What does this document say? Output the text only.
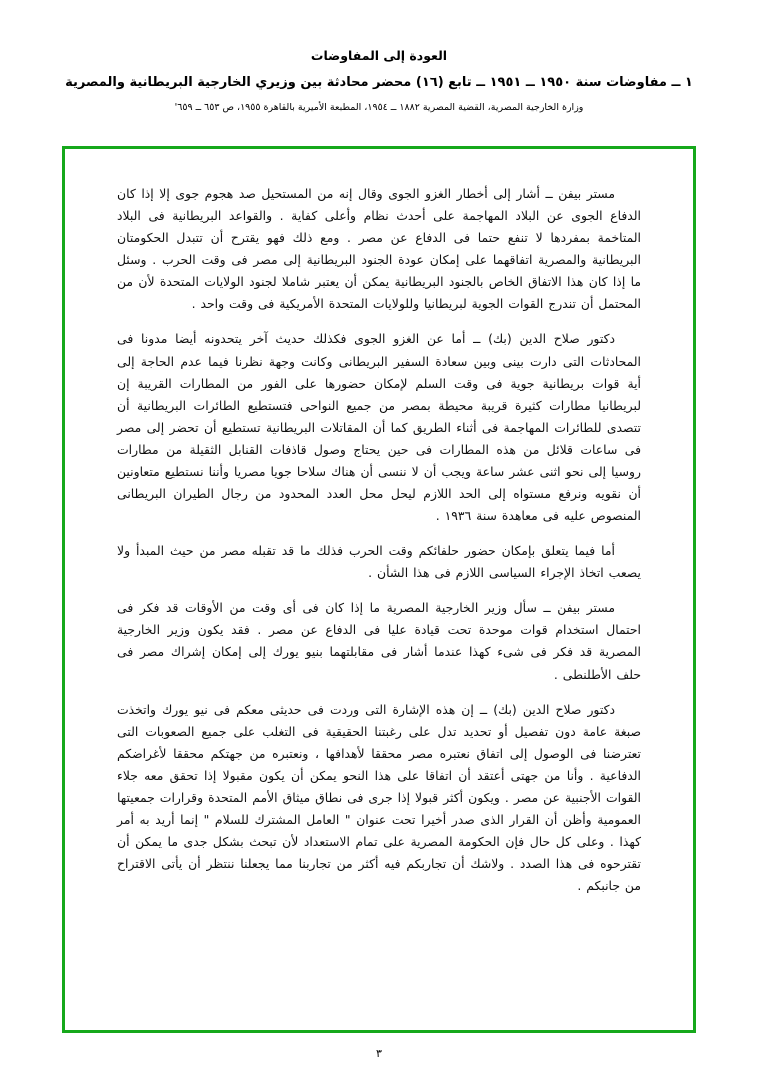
العودة إلى المفاوضات
١ ــ مفاوضات سنة ١٩٥٠ ــ ١٩٥١ ــ تابع (١٦) محضر محادثة بين وزيري الخارجية البريطانية والمصرية
وزارة الخارجية المصرية، القضية المصرية ١٨٨٢ ــ ١٩٥٤، المطبعة الأميرية بالقاهرة ١٩٥٥، ص ٦٥٣ ــ ٦٥٩'

مستر بيفن ــ أشار إلى أخطار الغزو الجوى وقال إنه من المستحيل صد هجوم جوى إلا إذا كان الدفاع الجوى عن البلاد المهاجمة على أحدث نظام وأعلى كفاية . والقواعد البريطانية فى البلاد المتاخمة بمفردها لا تنفع حتما فى الدفاع عن مصر . ومع ذلك فهو يقترح أن تتبدل الحكومتان البريطانية والمصرية اتفاقهما على إمكان عودة الجنود البريطانية إلى مصر فى وقت الحرب . وسئل ما إذا كان هذا الاتفاق الخاص بالجنود البريطانية يمكن أن يعتبر شاملا لجنود الولايات المتحدة لأن من المحتمل أن تندرج القوات الجوية لبريطانيا وللولايات المتحدة الأمريكية فى وقت واحد .

دكتور صلاح الدين (بك) ــ أما عن الغزو الجوى فكذلك حديث آخر يتحدونه أيضا مدونا فى المحادثات التى دارت بينى وبين سعادة السفير البريطانى وكانت وجهة نظرنا فيما عدم الحاجة إلى أية قوات بريطانية جوية فى وقت السلم لإمكان حضورها على الفور من المطارات القريبة إن لبريطانيا مطارات كثيرة قريبة محيطة بمصر من جميع النواحى فتستطيع الطائرات البريطانية أن تتصدى للطائرات المهاجمة فى أثناء الطريق كما أن المقاتلات البريطانية تستطيع أن تحضر إلى مصر فى ساعات قلائل من هذه المطارات فى حين يحتاج وصول قاذفات القنابل الثقيلة من مطارات روسيا إلى نحو اثنى عشر ساعة ويجب أن لا ننسى أن هناك سلاحا جويا مصريا وأننا نستطيع متعاونين أن نقويه ونرفع مستواه إلى الحد اللازم ليحل محل العدد المحدود من رجال الطيران البريطانى المنصوص عليه فى معاهدة سنة ١٩٣٦ .

أما فيما يتعلق بإمكان حضور حلفائكم وقت الحرب فذلك ما قد تقبله مصر من حيث المبدأ ولا يصعب اتخاذ الإجراء السياسى اللازم فى هذا الشأن .

مستر بيفن ــ سأل وزير الخارجية المصرية ما إذا كان فى أى وقت من الأوقات قد فكر فى احتمال استخدام قوات موحدة تحت قيادة عليا فى الدفاع عن مصر . فقد يكون وزير الخارجية المصرية قد فكر فى شىء كهذا عندما أشار فى مقابلتهما بنيو يورك إلى إمكان إشراك مصر فى حلف الأطلنطى .

دكتور صلاح الدين (بك) ــ إن هذه الإشارة التى وردت فى حديثى معكم فى نيو يورك واتخذت صبغة عامة دون تفصيل أو تحديد تدل على رغبتنا الحقيقية فى التغلب على جميع الصعوبات التى تعترضنا فى الوصول إلى اتفاق نعتبره مصر محققا لأهدافها ، ونعتبره من جهتكم محققا لأغراضكم الدفاعية . وأنا من جهتى أعتقد أن اتفاقا على هذا النحو يمكن أن يكون مقبولا إذا تحقق معه جلاء القوات الأجنبية عن مصر . ويكون أكثر قبولا إذا جرى فى نطاق ميثاق الأمم المتحدة وقرارات جمعيتها العمومية وأظن أن القرار الذى صدر أخيرا تحت عنوان " العامل المشترك للسلام " إنما أريد به أمر كهذا . وعلى كل حال فإن الحكومة المصرية على تمام الاستعداد لأن تبحث بشكل جدى ما يمكن أن تقترحوه فى هذا الصدد . ولاشك أن تجاربكم فيه أكثر من تجاربنا مما يجعلنا ننتظر أن يأتى الاقتراح من جانبكم .

٣
